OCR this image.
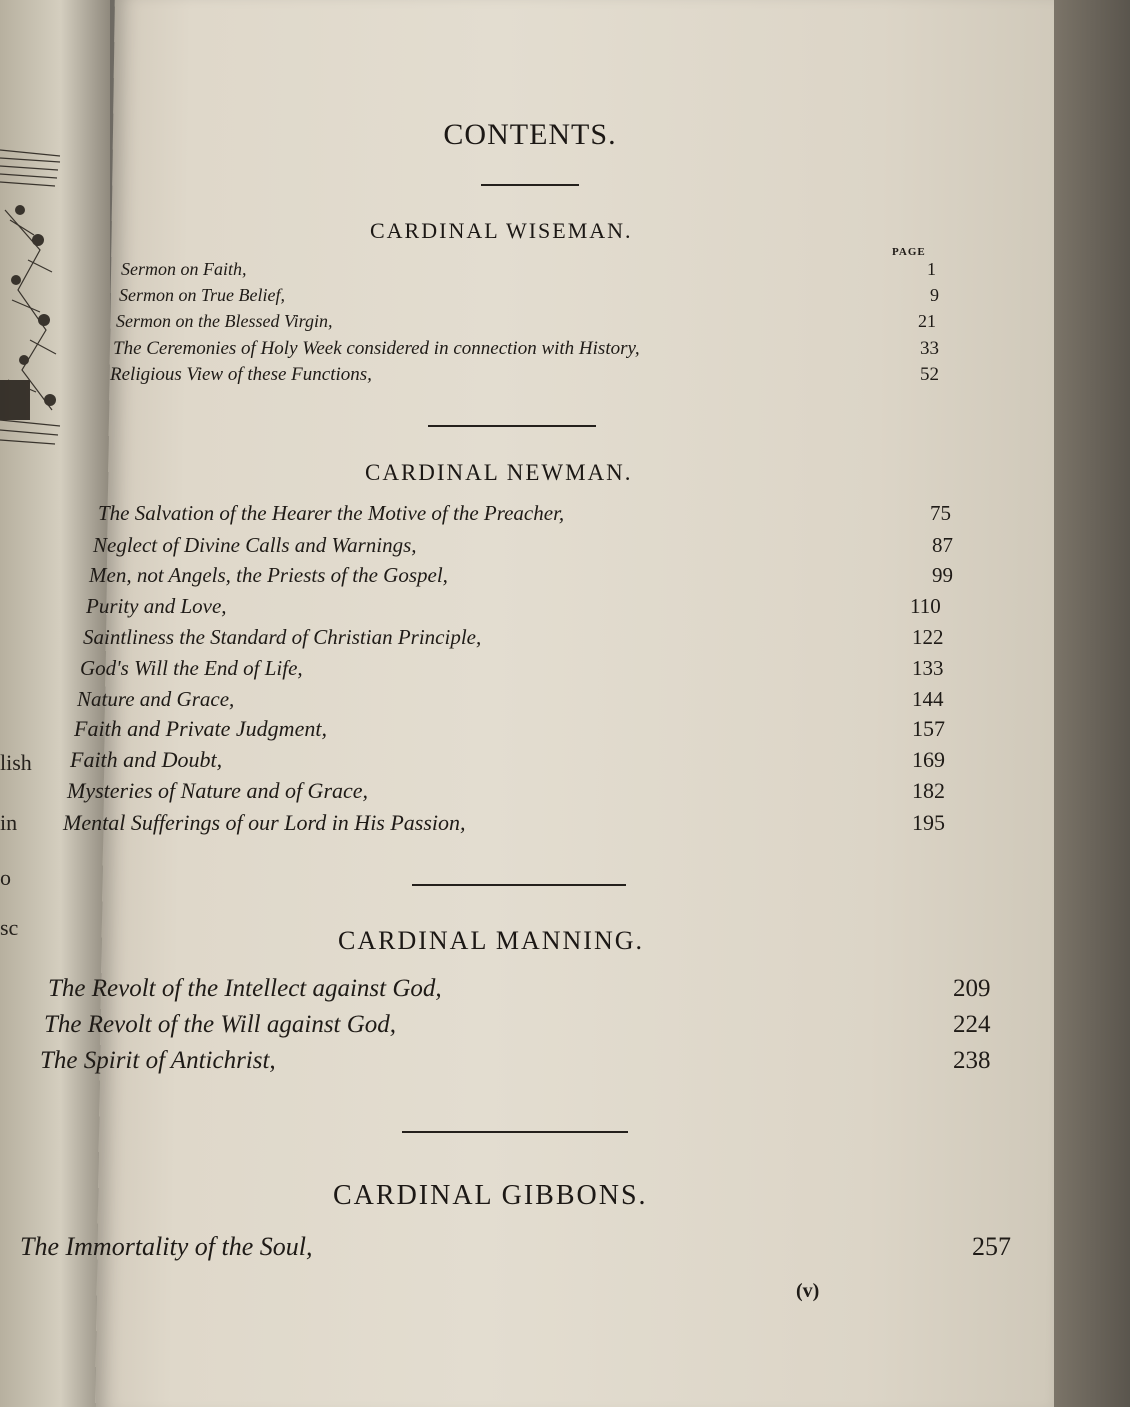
lish
in
o
sc
CONTENTS.
CARDINAL WISEMAN.
PAGE
Sermon on Faith,	1
Sermon on True Belief,	9
Sermon on the Blessed Virgin,	21
The Ceremonies of Holy Week considered in connection with History,	33
Religious View of these Functions,	52
The Salvation of the Hearer the Motive of the Preacher,	75
Neglect of Divine Calls and Warnings,	87
Men, not Angels, the Priests of the Gospel,	99
Purity and Love,	110
Saintliness the Standard of Christian Principle,	122
God's Will the End of Life,	133
Nature and Grace,	144
Faith and Private Judgment,	157
Faith and Doubt,	169
Mysteries of Nature and of Grace,	182
Mental Sufferings of our Lord in His Passion,	195
The Revolt of the Intellect against God,	209
The Revolt of the Will against God,	224
The Spirit of Antichrist,	238
The Immortality of the Soul,	257
CARDINAL NEWMAN.
CARDINAL MANNING.
CARDINAL GIBBONS.
(v)
